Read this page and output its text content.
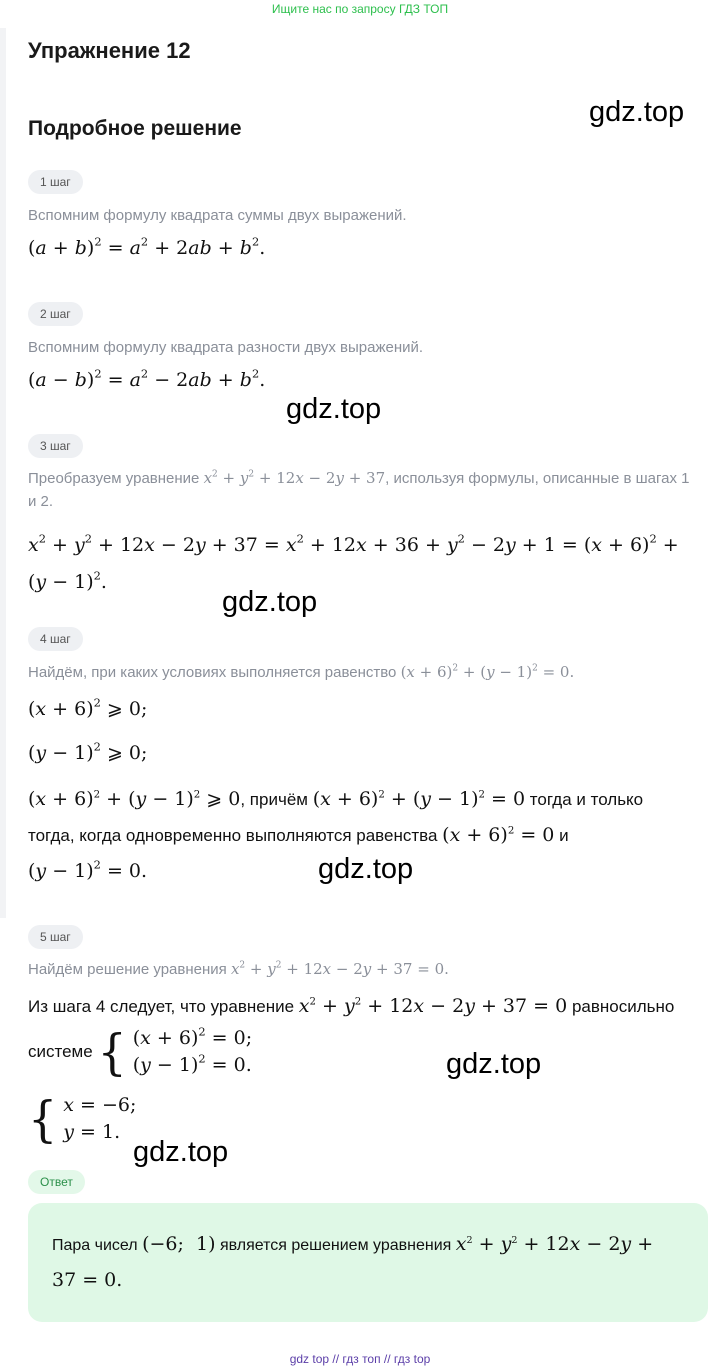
Ищите нас по запросу ГДЗ ТОП
Упражнение 12
Подробное решение
gdz.top
gdz.top
gdz.top
gdz.top
gdz.top
gdz.top
1 шаг
Вспомним формулу квадрата суммы двух выражений.
$(a + b)^2 = a^2 + 2ab + b^2$.
2 шаг
Вспомним формулу квадрата разности двух выражений.
$(a - b)^2 = a^2 - 2ab + b^2$.
3 шаг
Преобразуем уравнение $x^2 + y^2 + 12x - 2y + 37$, используя формулы, описанные в шагах 1 и 2.
$x^2 + y^2 + 12x - 2y + 37 = x^2 + 12x + 36 + y^2 - 2y + 1 = (x + 6)^2 + (y - 1)^2$.
4 шаг
Найдём, при каких условиях выполняется равенство $(x + 6)^2 + (y - 1)^2 = 0$.
$(x + 6)^2$ ⩾ 0;
$(y - 1)^2$ ⩾ 0;
$(x + 6)^2 + (y - 1)^2$ ⩾ 0, причём $(x + 6)^2 + (y - 1)^2 = 0$ тогда и только
тогда, когда одновременно выполняются равенства $(x + 6)^2 = 0$ и
$(y - 1)^2 = 0$.
5 шаг
Найдём решение уравнения $x^2 + y^2 + 12x - 2y + 37 = 0$.
Из шага 4 следует, что уравнение $x^2 + y^2 + 12x - 2y + 37 = 0$ равносильно
системе { $(x + 6)^2 = 0$;
$(y - 1)^2 = 0$.
{ x = −6;
y = 1.
Ответ
Пара чисел (−6;  1) является решением уравнения $x^2 + y^2 + 12x - 2y + 37 = 0$.
gdz top // гдз топ // гдз top
